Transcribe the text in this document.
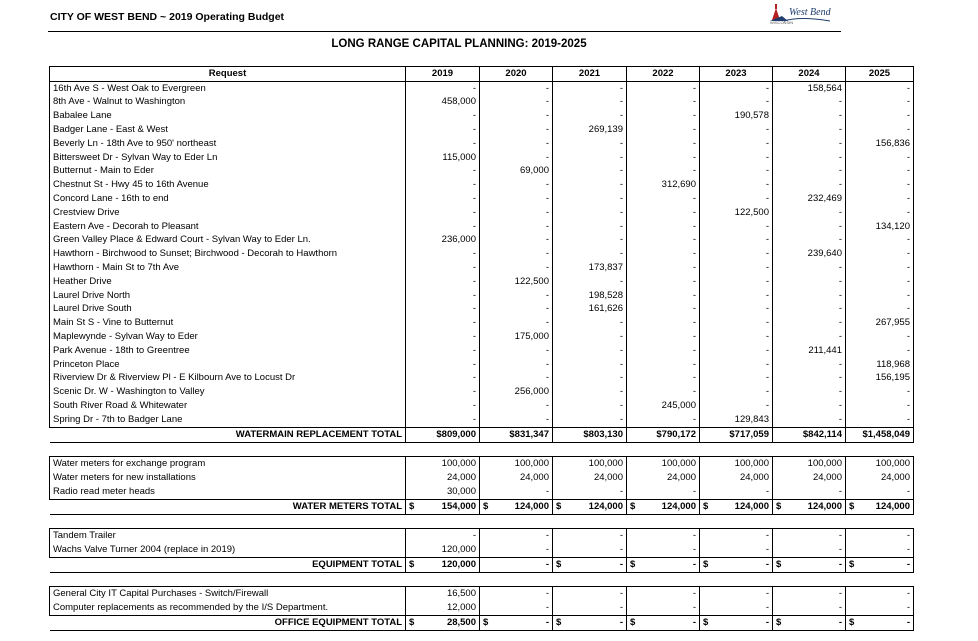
CITY OF WEST BEND ~ 2019 Operating Budget	West Bend
WISCONSIN
LONG RANGE CAPITAL PLANNING: 2019-2025
Request	2019	2020	2021	2022	2023	2024	2025
16th Ave S - West Oak to Evergreen	-	-	-	-	-	158,564	-
8th Ave - Walnut to Washington	458,000	-	-	-	-	-	-
Babalee Lane	-	-	-	-	190,578	-	-
Badger Lane - East & West	-	-	269,139	-	-	-	-
Beverly Ln - 18th Ave to 950' northeast	-	-	-	-	-	-	156,836
Bittersweet Dr - Sylvan Way to Eder Ln	115,000	-	-	-	-	-	-
Butternut - Main to Eder	-	69,000	-	-	-	-	-
Chestnut St - Hwy 45 to 16th Avenue	-	-	-	312,690	-	-	-
Concord Lane - 16th to end	-	-	-	-	-	232,469	-
Crestview Drive	-	-	-	-	122,500	-	-
Eastern Ave - Decorah to Pleasant	-	-	-	-	-	-	134,120
Green Valley Place & Edward Court - Sylvan Way to Eder Ln.	236,000	-	-	-	-	-	-
Hawthorn - Birchwood to Sunset; Birchwood - Decorah to Hawthorn	-	-	-	-	-	239,640	-
Hawthorn - Main St to 7th Ave	-	-	173,837	-	-	-	-
Heather Drive	-	122,500	-	-	-	-	-
Laurel Drive North	-	-	198,528	-	-	-	-
Laurel Drive South	-	-	161,626	-	-	-	-
Main St S - Vine to Butternut	-	-	-	-	-	-	267,955
Maplewynde - Sylvan Way to Eder	-	175,000	-	-	-	-	-
Park Avenue - 18th to Greentree	-	-	-	-	-	211,441	-
Princeton Place	-	-	-	-	-	-	118,968
Riverview Dr & Riverview Pl - E Kilbourn Ave to Locust Dr	-	-	-	-	-	-	156,195
Scenic Dr. W - Washington to Valley	-	256,000	-	-	-	-	-
South River Road & Whitewater	-	-	-	245,000	-	-	-
Spring Dr - 7th to Badger Lane	-	-	-	-	129,843	-	-
WATERMAIN REPLACEMENT TOTAL	$809,000	$831,347	$803,130	$790,172	$717,059	$842,114	$1,458,049

Water meters for exchange program	100,000	100,000	100,000	100,000	100,000	100,000	100,000
Water meters for new installations	24,000	24,000	24,000	24,000	24,000	24,000	24,000
Radio read meter heads	30,000	-	-	-	-	-	-
WATER METERS TOTAL	$ 154,000	$ 124,000	$ 124,000	$ 124,000	$ 124,000	$ 124,000	$ 124,000

Tandem Trailer	-	-	-	-	-	-	-
Wachs Valve Turner 2004 (replace in 2019)	120,000	-	-	-	-	-	-
EQUIPMENT TOTAL	$ 120,000	-	$ -	$ -	$ -	$ -	$ -

General City IT Capital Purchases - Switch/Firewall	16,500	-	-	-	-	-	-
Computer replacements as recommended by the I/S Department.	12,000	-	-	-	-	-	-
OFFICE EQUIPMENT TOTAL	$ 28,500	$ -	$ -	$ -	$ -	$ -	$ -
